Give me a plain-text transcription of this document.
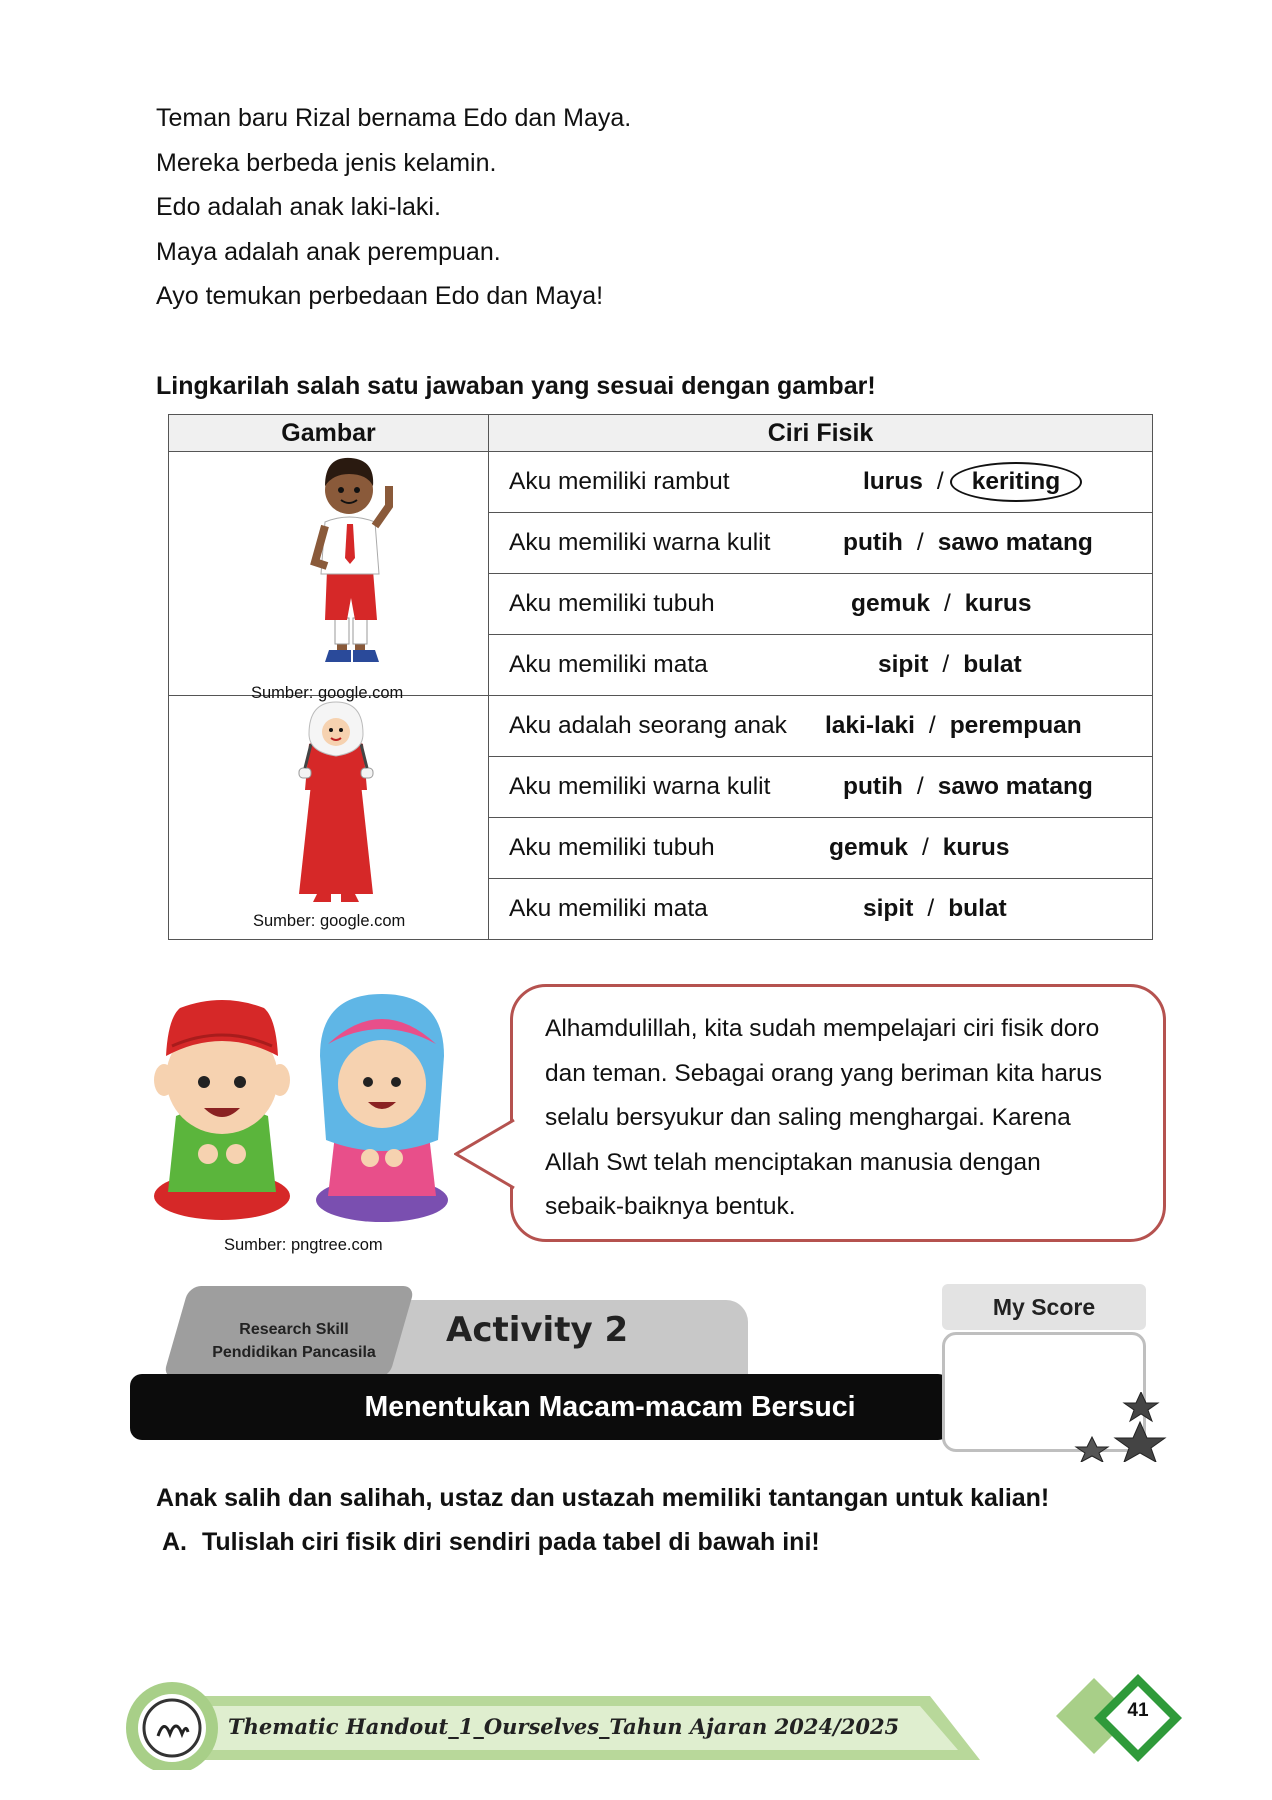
Teman baru Rizal bernama Edo dan Maya.

Mereka berbeda jenis kelamin.

Edo adalah anak laki-laki.

Maya adalah anak perempuan.

Ayo temukan perbedaan Edo dan Maya!

Lingkarilah salah satu jawaban yang sesuai dengan gambar!
Gambar	Ciri Fisik

Sumber: google.com	Aku memiliki rambut lurus / keriting

	Aku memiliki warna kulit putih / sawo matang

	Aku memiliki tubuh gemuk / kurus

	Aku memiliki mata sipit / bulat

Sumber: google.com	Aku adalah seorang anak laki-laki / perempuan

	Aku memiliki warna kulit putih / sawo matang

	Aku memiliki tubuh gemuk / kurus

	Aku memiliki mata sipit / bulat
Sumber: pngtree.com

Alhamdulillah, kita sudah mempelajari ciri fisik doro

dan teman. Sebagai orang yang beriman kita harus

selalu bersyukur dan saling menghargai. Karena

Allah Swt telah menciptakan manusia dengan

sebaik-baiknya bentuk.

Research Skill
Pendidikan Pancasila
Activity 2
Menentukan Macam-macam Bersuci
My Score
Anak salih dan salihah, ustaz dan ustazah memiliki tantangan untuk kalian!
A. Tulislah ciri fisik diri sendiri pada tabel di bawah ini!
Thematic Handout_1_Ourselves_Tahun Ajaran 2024/2025
41
